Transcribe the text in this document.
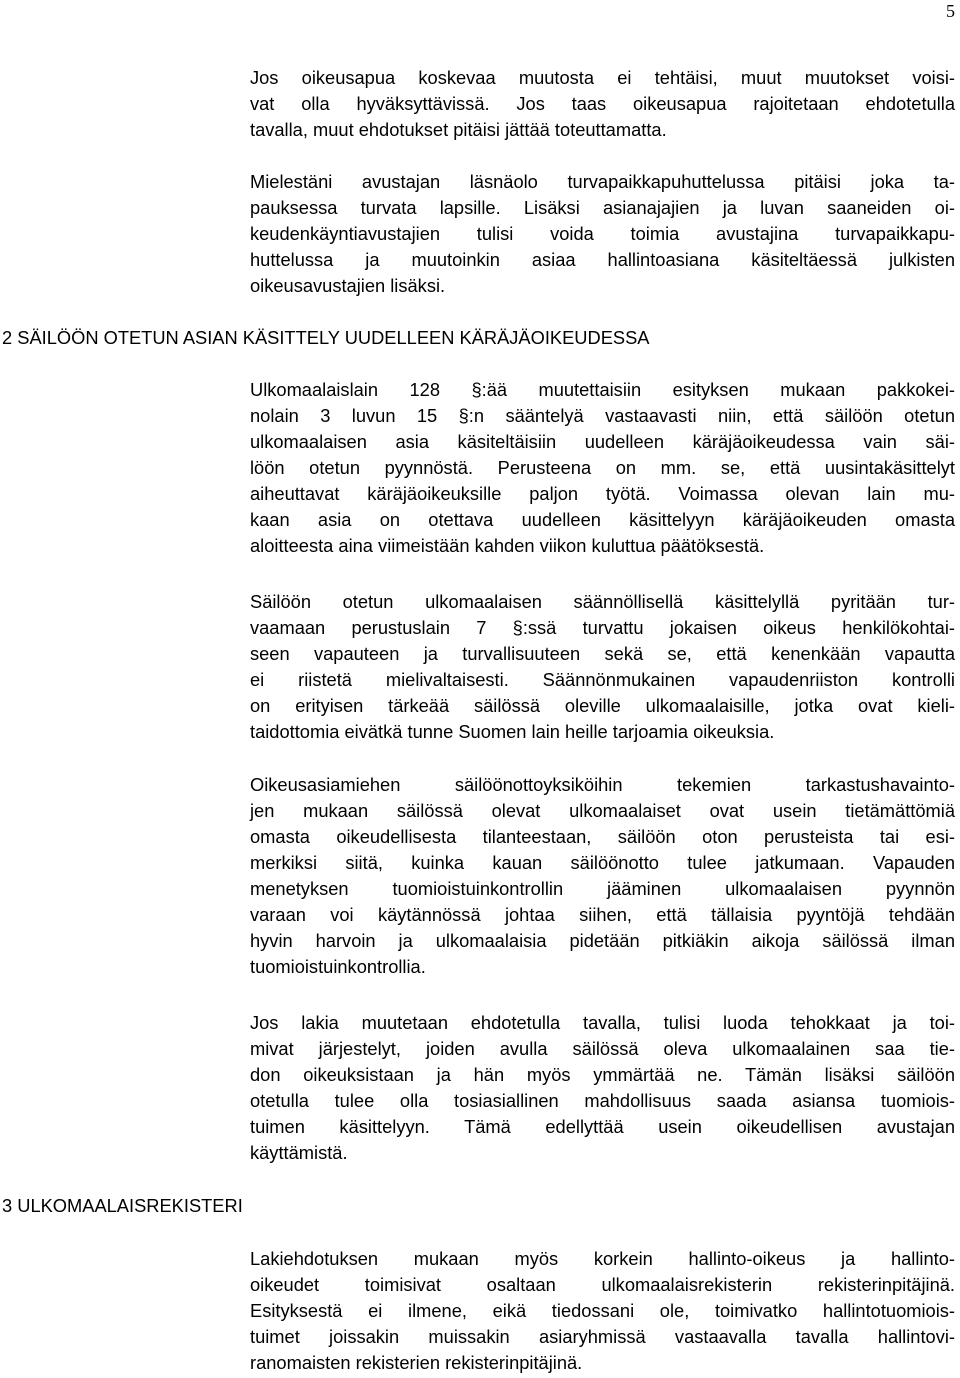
5
Jos oikeusapua koskevaa muutosta ei tehtäisi, muut muutokset voisi-
vat olla hyväksyttävissä. Jos taas oikeusapua rajoitetaan ehdotetulla
tavalla, muut ehdotukset pitäisi jättää toteuttamatta.
Mielestäni avustajan läsnäolo turvapaikkapuhuttelussa pitäisi joka ta-
pauksessa turvata lapsille. Lisäksi asianajajien ja luvan saaneiden oi-
keudenkäyntiavustajien tulisi voida toimia avustajina turvapaikkapu-
huttelussa ja muutoinkin asiaa hallintoasiana käsiteltäessä julkisten
oikeusavustajien lisäksi.
2 SÄILÖÖN OTETUN ASIAN KÄSITTELY UUDELLEEN KÄRÄJÄOIKEUDESSA
Ulkomaalaislain 128 §:ää muutettaisiin esityksen mukaan pakkokei-
nolain 3 luvun 15 §:n sääntelyä vastaavasti niin, että säilöön otetun
ulkomaalaisen asia käsiteltäisiin uudelleen käräjäoikeudessa vain säi-
löön otetun pyynnöstä. Perusteena on mm. se, että uusintakäsittelyt
aiheuttavat käräjäoikeuksille paljon työtä. Voimassa olevan lain mu-
kaan asia on otettava uudelleen käsittelyyn käräjäoikeuden omasta
aloitteesta aina viimeistään kahden viikon kuluttua päätöksestä.
Säilöön otetun ulkomaalaisen säännöllisellä käsittelyllä pyritään tur-
vaamaan perustuslain 7 §:ssä turvattu jokaisen oikeus henkilökohtai-
seen vapauteen ja turvallisuuteen sekä se, että kenenkään vapautta
ei riistetä mielivaltaisesti. Säännönmukainen vapaudenriiston kontrolli
on erityisen tärkeää säilössä oleville ulkomaalaisille, jotka ovat kieli-
taidottomia eivätkä tunne Suomen lain heille tarjoamia oikeuksia.
Oikeusasiamiehen säilöönottoyksiköihin tekemien tarkastushavainto-
jen mukaan säilössä olevat ulkomaalaiset ovat usein tietämättömiä
omasta oikeudellisesta tilanteestaan, säilöön oton perusteista tai esi-
merkiksi siitä, kuinka kauan säilöönotto tulee jatkumaan. Vapauden
menetyksen tuomioistuinkontrollin jääminen ulkomaalaisen pyynnön
varaan voi käytännössä johtaa siihen, että tällaisia pyyntöjä tehdään
hyvin harvoin ja ulkomaalaisia pidetään pitkiäkin aikoja säilössä ilman
tuomioistuinkontrollia.
Jos lakia muutetaan ehdotetulla tavalla, tulisi luoda tehokkaat ja toi-
mivat järjestelyt, joiden avulla säilössä oleva ulkomaalainen saa tie-
don oikeuksistaan ja hän myös ymmärtää ne. Tämän lisäksi säilöön
otetulla tulee olla tosiasiallinen mahdollisuus saada asiansa tuomiois-
tuimen käsittelyyn. Tämä edellyttää usein oikeudellisen avustajan
käyttämistä.
3 ULKOMAALAISREKISTERI
Lakiehdotuksen mukaan myös korkein hallinto-oikeus ja hallinto-
oikeudet toimisivat osaltaan ulkomaalaisrekisterin rekisterinpitäjinä.
Esityksestä ei ilmene, eikä tiedossani ole, toimivatko hallintotuomiois-
tuimet joissakin muissakin asiaryhmissä vastaavalla tavalla hallintovi-
ranomaisten rekisterien rekisterinpitäjinä.
